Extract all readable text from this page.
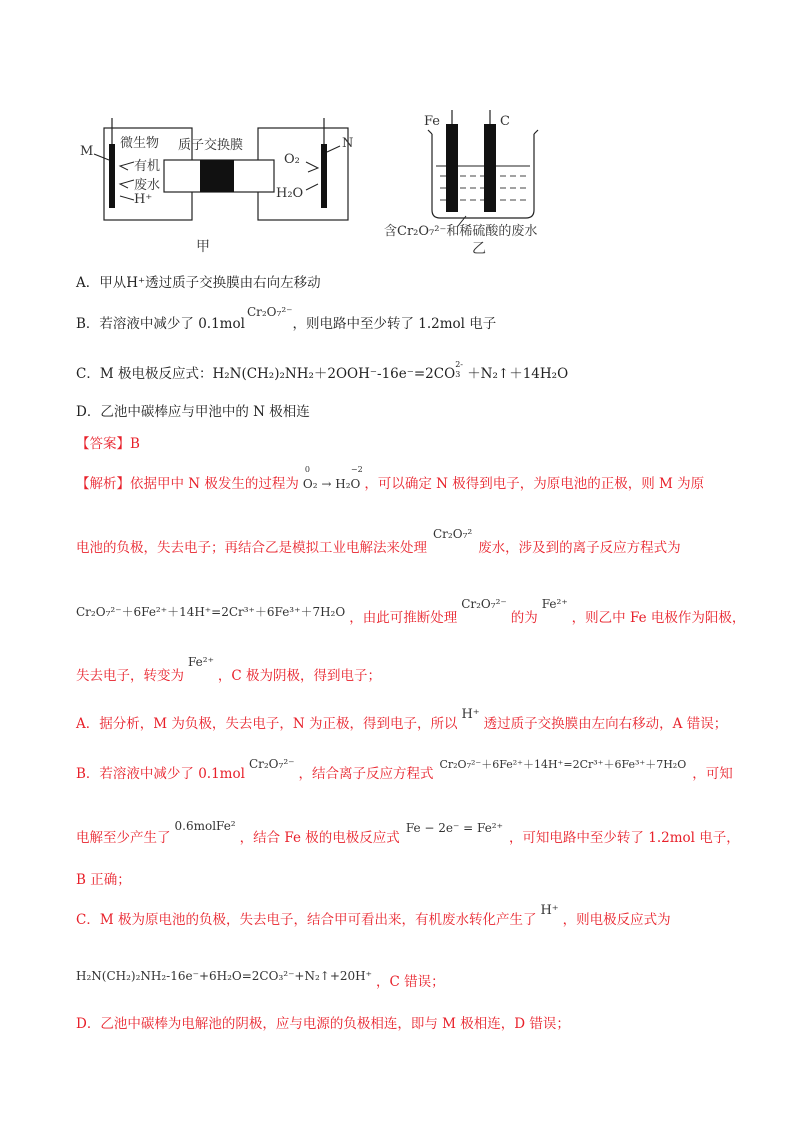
M
N
微生物
有机
废水
H⁺
质子交换膜
O₂
H₂O
甲
Fe	C
含Cr₂O₇²⁻和稀硫酸的废水
乙
A．甲从H⁺透过质子交换膜由右向左移动
B．若溶液中减少了 0.1molCr₂O₇²⁻，则电路中至少转了 1.2mol 电子
C．M 极电极反应式：H₂N(CH₂)₂NH₂＋2OOH⁻-16e⁻=2CO
2-
3 ＋N₂↑＋14H₂O
D．乙池中碳棒应与甲池中的 N 极相连
【答案】B
【解析】依据甲中 N 极发生的过程为
0	−2
O₂ → H₂O ，可以确定 N 极得到电子，为原电池的正极，则 M 为原
电池的负极，失去电子；再结合乙是模拟工业电解法来处理Cr₂O₇²废水，涉及到的离子反应方程式为
Cr₂O₇²⁻＋6Fe²⁺＋14H⁺=2Cr³⁺＋6Fe³⁺＋7H₂O ，由此可推断处理Cr₂O₇²⁻的为Fe²⁺，则乙中 Fe 电极作为阳极，
失去电子，转变为Fe²⁺，C 极为阴极，得到电子；
A．据分析，M 为负极，失去电子，N 为正极，得到电子，所以H⁺透过质子交换膜由左向右移动，A 错误；
B．若溶液中减少了 0.1molCr₂O₇²⁻，结合离子反应方程式$^{Cr_2O_7^{2-}+6Fe^{2+}+14H^+=2Cr^{3+}+6Fe^{3+}+7H_2O}$，可知
电解至少产生了0.6molFe²，结合 Fe 极的电极反应式Fe − 2e⁻ = Fe²⁺，可知电路中至少转了 1.2mol 电子，
B 正确；
C．M 极为原电池的负极，失去电子，结合甲可看出来，有机废水转化产生了H⁺，则电极反应式为
H₂N(CH₂)₂NH₂-16e⁻+6H₂O=2CO₃²⁻+N₂↑+20H⁺ ，C 错误；
D．乙池中碳棒为电解池的阴极，应与电源的负极相连，即与 M 极相连，D 错误；
